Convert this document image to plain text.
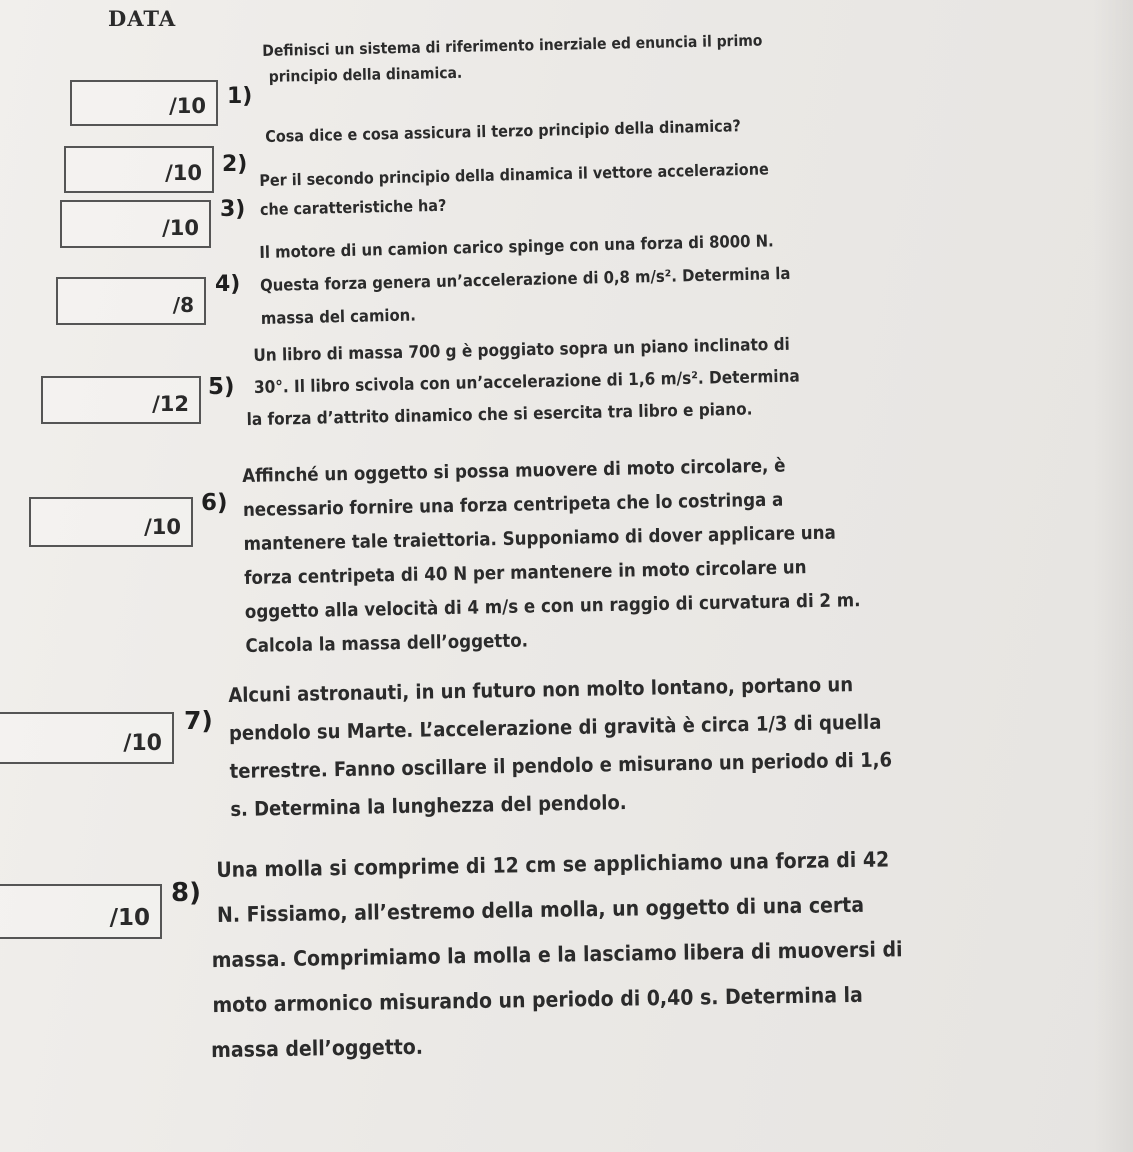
DATA
/10 1)
Definisci un sistema di riferimento inerziale ed enuncia il primo
principio della dinamica.
/10 2)
Cosa dice e cosa assicura il terzo principio della dinamica?
/10
3)
Per il secondo principio della dinamica il vettore accelerazione
che caratteristiche ha?
/8
4)
Il motore di un camion carico spinge con una forza di 8000 N.
Questa forza genera un’accelerazione di 0,8 m/s². Determina la
massa del camion.
/12
5)
Un libro di massa 700 g è poggiato sopra un piano inclinato di
30°. Il libro scivola con un’accelerazione di 1,6 m/s². Determina
la forza d’attrito dinamico che si esercita tra libro e piano.
/10
6)
Affinché un oggetto si possa muovere di moto circolare, è
necessario fornire una forza centripeta che lo costringa a
mantenere tale traiettoria. Supponiamo di dover applicare una
forza centripeta di 40 N per mantenere in moto circolare un
oggetto alla velocità di 4 m/s e con un raggio di curvatura di 2 m.
Calcola la massa dell’oggetto.
/10
7)
Alcuni astronauti, in un futuro non molto lontano, portano un
pendolo su Marte. L’accelerazione di gravità è circa 1/3 di quella
terrestre. Fanno oscillare il pendolo e misurano un periodo di 1,6
s. Determina la lunghezza del pendolo.
/10
8)
Una molla si comprime di 12 cm se applichiamo una forza di 42
N. Fissiamo, all’estremo della molla, un oggetto di una certa
massa. Comprimiamo la molla e la lasciamo libera di muoversi di
moto armonico misurando un periodo di 0,40 s. Determina la
massa dell’oggetto.
